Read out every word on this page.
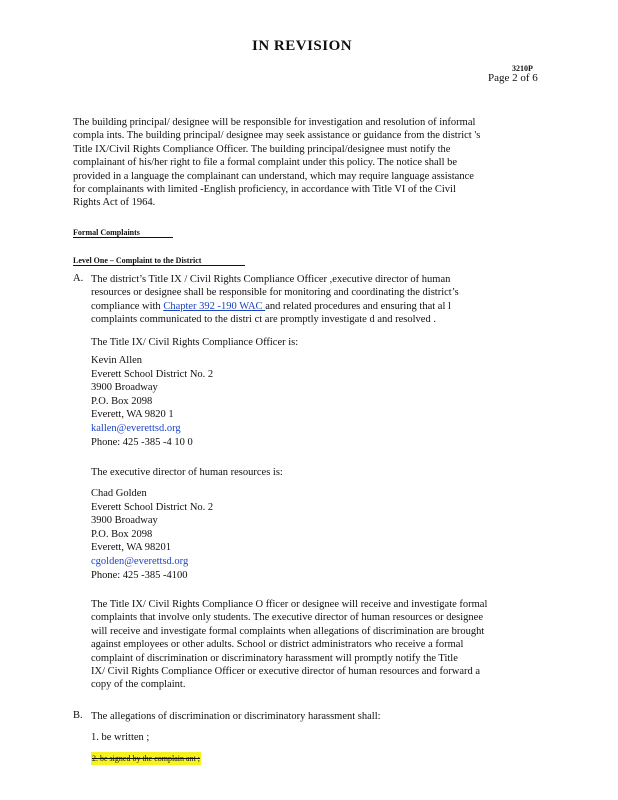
IN REVISION
3210P
Page 2 of 6
The building principal/ designee will be responsible for investigation and resolution of informal
compla ints. The building principal/ designee may seek assistance or guidance from the district 's
Title IX/Civil Rights Compliance Officer. The building principal/designee must notify the
complainant of his/her right to file a formal complaint under this policy. The notice shall be
provided in a language the complainant can understand, which may require language assistance
for complainants with limited -English proficiency, in accordance with Title VI of the Civil
Rights Act of 1964.
Formal Complaints
Level One – Complaint to the District
A. The district’s Title IX / Civil Rights Compliance Officer ,executive director of human
resources or designee shall be responsible for monitoring and coordinating the district’s
compliance with Chapter 392 -190 WAC and related procedures and ensuring that al l
complaints communicated to the distri ct are promptly investigate d and resolved .
The Title IX/ Civil Rights Compliance Officer is:
Kevin Allen
Everett School District No. 2
3900 Broadway
P.O. Box 2098
Everett, WA 9820 1
kallen@everettsd.org
Phone: 425 -385 -4 10 0
The executive director of human resources is:
Chad Golden
Everett School District No. 2
3900 Broadway
P.O. Box 2098
Everett, WA 98201
cgolden@everettsd.org
Phone: 425 -385 -4100
The Title IX/ Civil Rights Compliance O fficer or designee will receive and investigate formal
complaints that involve only students. The executive director of human resources or designee
will receive and investigate formal complaints when allegations of discrimination are brought
against employees or other adults. School or district administrators who receive a formal
complaint of discrimination or discriminatory harassment will promptly notify the Title
IX/ Civil Rights Compliance Officer or executive director of human resources and forward a
copy of the complaint.
B. The allegations of discrimination or discriminatory harassment shall:
1. be written ;
2. be signed by the complain ant ;
